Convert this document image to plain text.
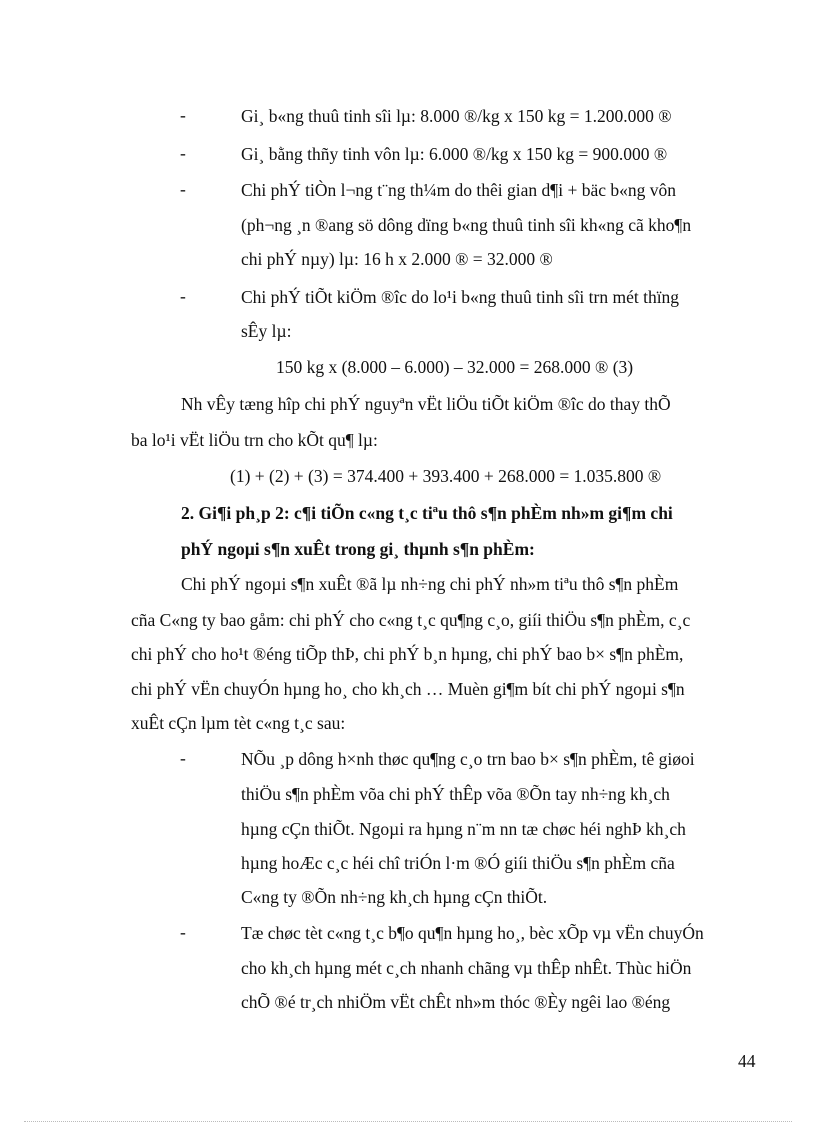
-	Gi¸ b«ng thuû tinh sîi lµ: 8.000 ®/kg x 150 kg = 1.200.000 ®
-	Gi¸ bằng thñy tinh vôn lµ: 6.000 ®/kg x 150 kg = 900.000 ®
-	Chi phÝ tiÒn l¬ng t¨ng th¼m do thêi gian d¶i + bäc b«ng vôn
(ph¬ng ¸n ®ang sö dông dïng b«ng thuû tinh sîi kh«ng cã kho¶n
chi phÝ nµy) lµ: 16 h x 2.000 ® = 32.000 ®
-	Chi phÝ tiÕt kiÖm ®îc do lo¹i b«ng thuû tinh sîi trn mét thïng
sÊy lµ:
150 kg x (8.000 – 6.000) – 32.000 = 268.000 ® (3)
Nh vÊy tæng hîp chi phÝ nguyªn vËt liÖu tiÕt kiÖm ®îc do thay thÕ
ba lo¹i vËt liÖu trn cho kÕt qu¶ lµ:
(1) + (2) + (3) = 374.400 + 393.400 + 268.000 = 1.035.800 ®
2. Gi¶i ph¸p 2: c¶i tiÕn c«ng t¸c tiªu thô s¶n phÈm nh»m gi¶m chi
phÝ ngoµi s¶n xuÊt trong gi¸ thµnh s¶n phÈm:
Chi phÝ ngoµi s¶n xuÊt ®ã lµ nh÷ng chi phÝ nh»m tiªu thô s¶n phÈm
cña C«ng ty bao gåm: chi phÝ cho c«ng t¸c qu¶ng c¸o, giíi thiÖu s¶n phÈm, c¸c
chi phÝ cho ho¹t ®éng tiÕp thÞ, chi phÝ b¸n hµng, chi phÝ bao b× s¶n phÈm,
chi phÝ vËn chuyÓn hµng ho¸ cho kh¸ch … Muèn gi¶m bít chi phÝ ngoµi s¶n
xuÊt cÇn lµm tèt c«ng t¸c sau:
-	NÕu ¸p dông h×nh thøc qu¶ng c¸o trn bao b× s¶n phÈm, tê giøoi
thiÖu s¶n phÈm võa chi phÝ thÊp võa ®Õn tay nh÷ng kh¸ch
hµng cÇn thiÕt. Ngoµi ra hµng n¨m nn tæ chøc héi nghÞ kh¸ch
hµng hoÆc c¸c héi chî triÓn l·m ®Ó giíi thiÖu s¶n phÈm cña
C«ng ty ®Õn nh÷ng kh¸ch hµng cÇn thiÕt.
-	Tæ chøc tèt c«ng t¸c b¶o qu¶n hµng ho¸, bèc xÕp vµ vËn chuyÓn
cho kh¸ch hµng mét c¸ch nhanh chãng vµ thÊp nhÊt. Thùc hiÖn
chÕ ®é tr¸ch nhiÖm vËt chÊt nh»m thóc ®Èy ngêi lao ®éng
44
